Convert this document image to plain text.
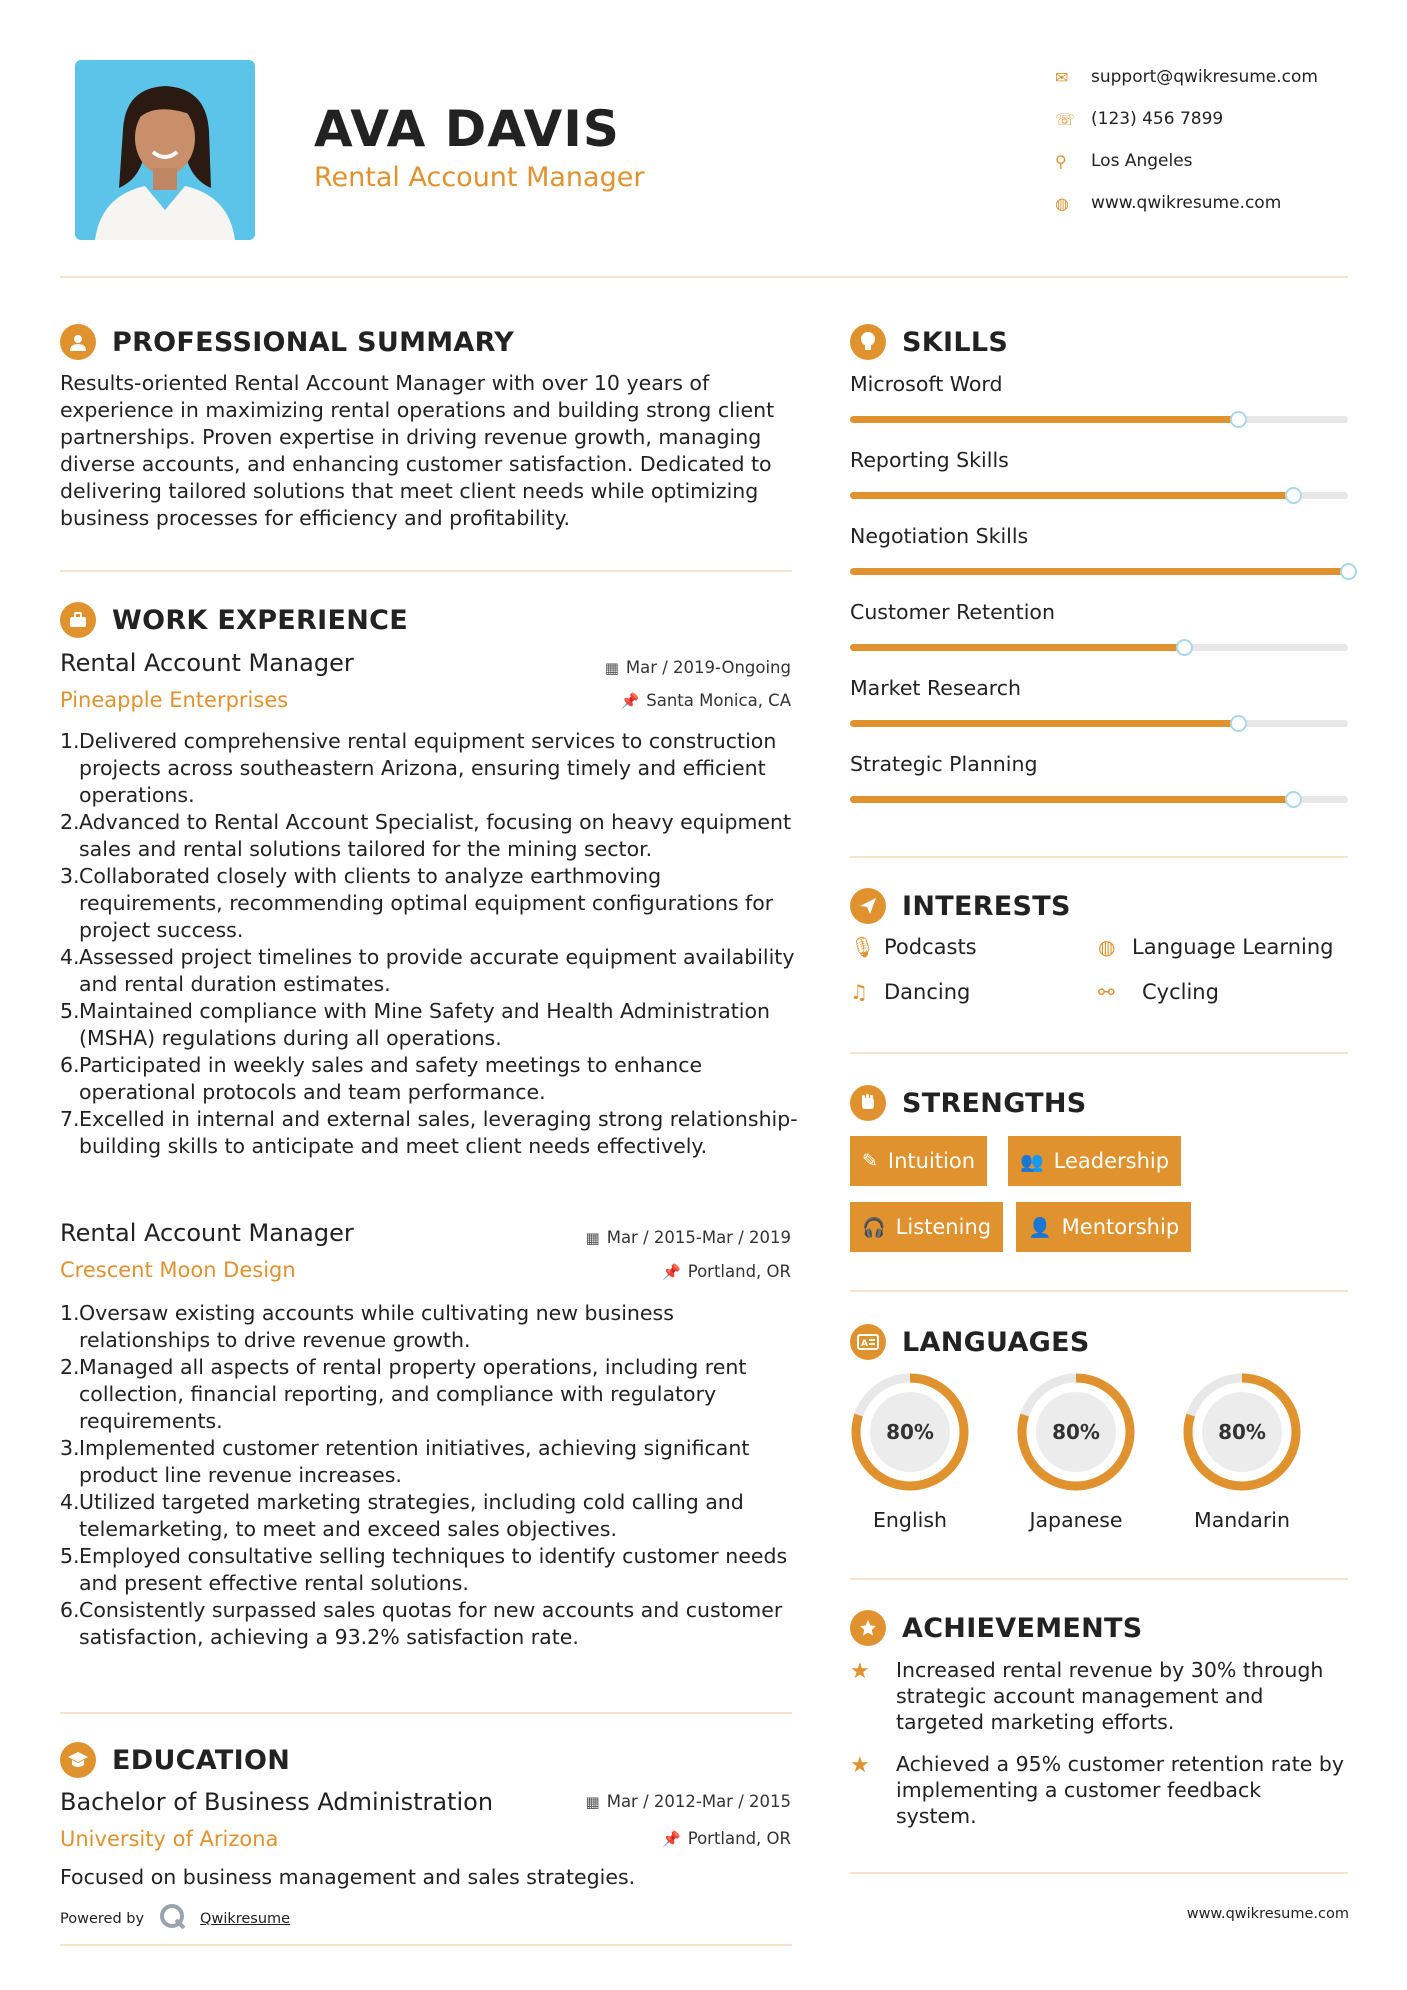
AVA DAVIS
Rental Account Manager
✉	support@qwikresume.com
☏ (123) 456 7899
⚲	Los Angeles
◍	www.qwikresume.com
PROFESSIONAL SUMMARY
Results-oriented Rental Account Manager with over 10 years of experience in maximizing rental operations and building strong client partnerships. Proven expertise in driving revenue growth, managing diverse accounts, and enhancing customer satisfaction. Dedicated to delivering tailored solutions that meet client needs while optimizing business processes for efficiency and profitability.
WORK EXPERIENCE
Rental Account Manager
Pineapple Enterprises
▦ Mar / 2019-Ongoing
📌 Santa Monica, CA
1. Delivered comprehensive rental equipment services to construction projects across southeastern Arizona, ensuring timely and efficient operations.
2. Advanced to Rental Account Specialist, focusing on heavy equipment sales and rental solutions tailored for the mining sector.
3. Collaborated closely with clients to analyze earthmoving requirements, recommending optimal equipment configurations for project success.
4. Assessed project timelines to provide accurate equipment availability and rental duration estimates.
5. Maintained compliance with Mine Safety and Health Administration (MSHA) regulations during all operations.
6. Participated in weekly sales and safety meetings to enhance operational protocols and team performance.
7. Excelled in internal and external sales, leveraging strong relationship-building skills to anticipate and meet client needs effectively.
Rental Account Manager
Crescent Moon Design
▦ Mar / 2015-Mar / 2019
📌 Portland, OR
1. Oversaw existing accounts while cultivating new business relationships to drive revenue growth.
2. Managed all aspects of rental property operations, including rent collection, financial reporting, and compliance with regulatory requirements.
3. Implemented customer retention initiatives, achieving significant product line revenue increases.
4. Utilized targeted marketing strategies, including cold calling and telemarketing, to meet and exceed sales objectives.
5. Employed consultative selling techniques to identify customer needs and present effective rental solutions.
6. Consistently surpassed sales quotas for new accounts and customer satisfaction, achieving a 93.2% satisfaction rate.
EDUCATION
Bachelor of Business Administration
University of Arizona
▦ Mar / 2012-Mar / 2015
📌 Portland, OR
Focused on business management and sales strategies.
Powered by	Qwikresume
SKILLS
Microsoft Word
Reporting Skills
Negotiation Skills
Customer Retention
Market Research
Strategic Planning
INTERESTS
🎙 Podcasts	◍ Language Learning
♫ Dancing	⚯	Cycling
STRENGTHS
✎ Intuition 👥 Leadership
🎧 Listening 👤 Mentorship
A LANGUAGES
80%
English
80%
Japanese
80%
Mandarin
ACHIEVEMENTS
★	Increased rental revenue by 30% through strategic account management and targeted marketing efforts.
★	Achieved a 95% customer retention rate by implementing a customer feedback system.
www.qwikresume.com
